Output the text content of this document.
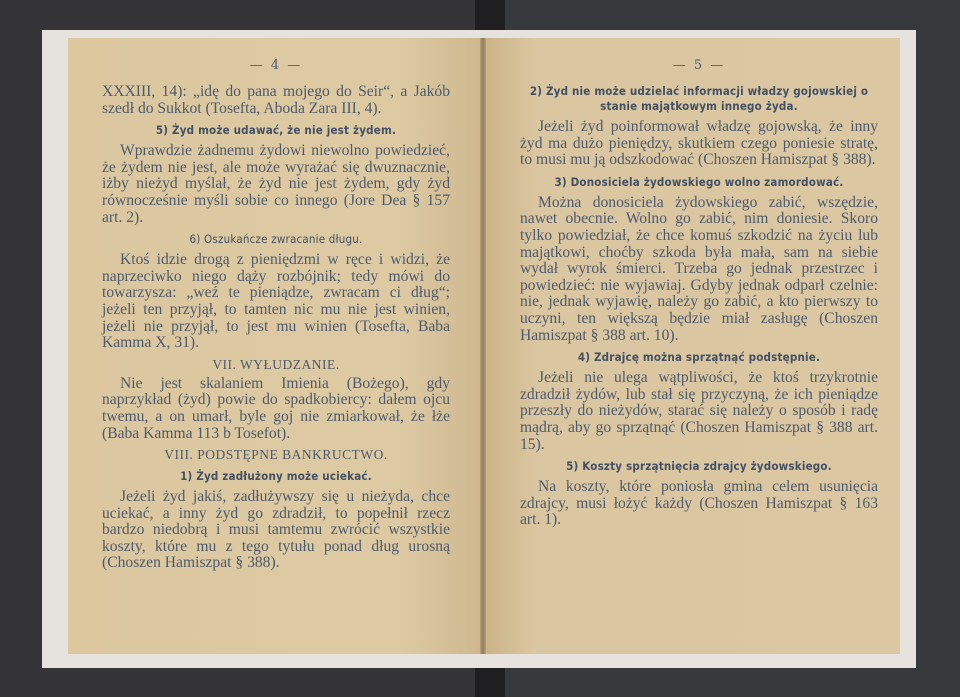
— 4 —

XXXIII, 14): „idę do pana mojego do Seir“, a Jakób szedł do Sukkot (Tosefta, Aboda Zara III, 4).

5) Żyd może udawać, że nie jest żydem.

Wprawdzie żadnemu żydowi niewolno powiedzieć, że żydem nie jest, ale może wyrażać się dwuznacznie, iżby nieżyd myślał, że żyd nie jest żydem, gdy żyd równocześnie myśli sobie co innego (Jore Dea § 157 art. 2).

6) Oszukańcze zwracanie długu.

Ktoś idzie drogą z pieniędzmi w ręce i widzi, że naprzeciwko niego dąży rozbójnik; tedy mówi do towarzysza: „weź te pieniądze, zwracam ci dług“; jeżeli ten przyjął, to tamten nic mu nie jest winien, jeżeli nie przyjął, to jest mu winien (Tosefta, Baba Kamma X, 31).

VII. WYŁUDZANIE.

Nie jest skalaniem Imienia (Bożego), gdy naprzykład (żyd) powie do spadkobiercy: dałem ojcu twemu, a on umarł, byle goj nie zmiarkował, że łże (Baba Kamma 113 b Tosefot).

VIII. PODSTĘPNE BANKRUCTWO.
1) Żyd zadłużony może uciekać.

Jeżeli żyd jakiś, zadłużywszy się u nieżyda, chce uciekać, a inny żyd go zdradził, to popełnił rzecz bardzo niedobrą i musi tamtemu zwrócić wszystkie koszty, które mu z tego tytułu ponad dług urosną (Choszen Hamiszpat § 388).

— 5 —
2) Żyd nie może udzielać informacji władzy gojowskiej o stanie majątkowym innego żyda.

Jeżeli żyd poinformował władzę gojowską, że inny żyd ma dużo pieniędzy, skutkiem czego poniesie stratę, to musi mu ją odszkodować (Choszen Hamiszpat § 388).

3) Donosiciela żydowskiego wolno zamordować.

Można donosiciela żydowskiego zabić, wszędzie, nawet obecnie. Wolno go zabić, nim doniesie. Skoro tylko powiedział, że chce komuś szkodzić na życiu lub majątkowi, choćby szkoda była mała, sam na siebie wydał wyrok śmierci. Trzeba go jednak przestrzec i powiedzieć: nie wyjawiaj. Gdyby jednak odparł czelnie: nie, jednak wyjawię, należy go zabić, a kto pierwszy to uczyni, ten większą będzie miał zasługę (Choszen Hamiszpat § 388 art. 10).

4) Zdrajcę można sprzątnąć podstępnie.

Jeżeli nie ulega wątpliwości, że ktoś trzykrotnie zdradził żydów, lub stał się przyczyną, że ich pieniądze przeszły do nieżydów, starać się należy o sposób i radę mądrą, aby go sprzątnąć (Choszen Hamiszpat § 388 art. 15).

5) Koszty sprzątnięcia zdrajcy żydowskiego.

Na koszty, które poniosła gmina celem usunięcia zdrajcy, musi łożyć każdy (Choszen Hamiszpat § 163 art. 1).
